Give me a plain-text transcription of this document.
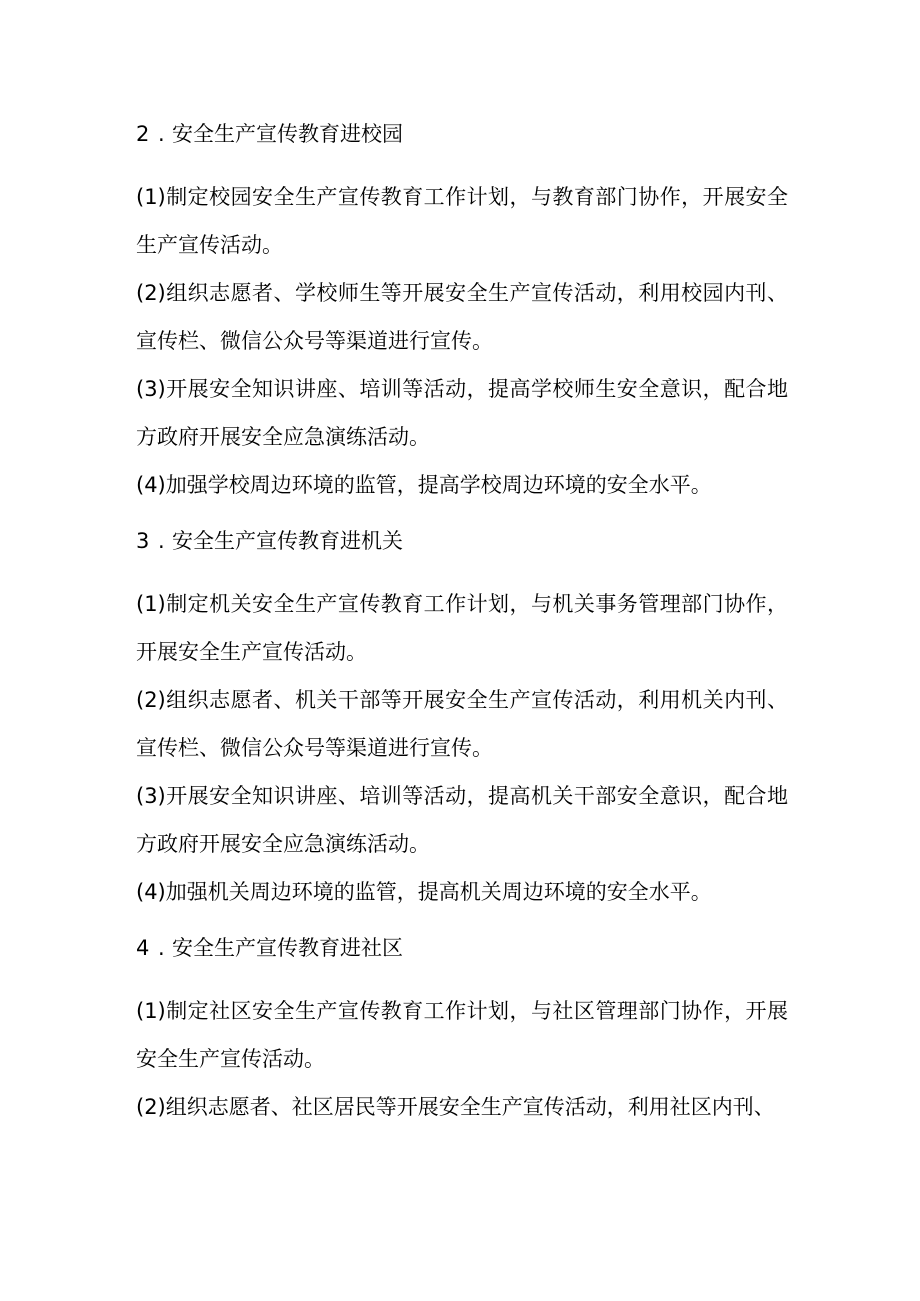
2 . 安全生产宣传教育进校园

(1)制定校园安全生产宣传教育工作计划，与教育部门协作，开展安全生产宣传活动。

(2)组织志愿者、学校师生等开展安全生产宣传活动，利用校园内刊、宣传栏、微信公众号等渠道进行宣传。

(3)开展安全知识讲座、培训等活动，提高学校师生安全意识，配合地方政府开展安全应急演练活动。

(4)加强学校周边环境的监管，提高学校周边环境的安全水平。

3 . 安全生产宣传教育进机关

(1)制定机关安全生产宣传教育工作计划，与机关事务管理部门协作，开展安全生产宣传活动。

(2)组织志愿者、机关干部等开展安全生产宣传活动，利用机关内刊、宣传栏、微信公众号等渠道进行宣传。

(3)开展安全知识讲座、培训等活动，提高机关干部安全意识，配合地方政府开展安全应急演练活动。

(4)加强机关周边环境的监管，提高机关周边环境的安全水平。

4 . 安全生产宣传教育进社区

(1)制定社区安全生产宣传教育工作计划，与社区管理部门协作，开展安全生产宣传活动。

(2)组织志愿者、社区居民等开展安全生产宣传活动，利用社区内刊、
